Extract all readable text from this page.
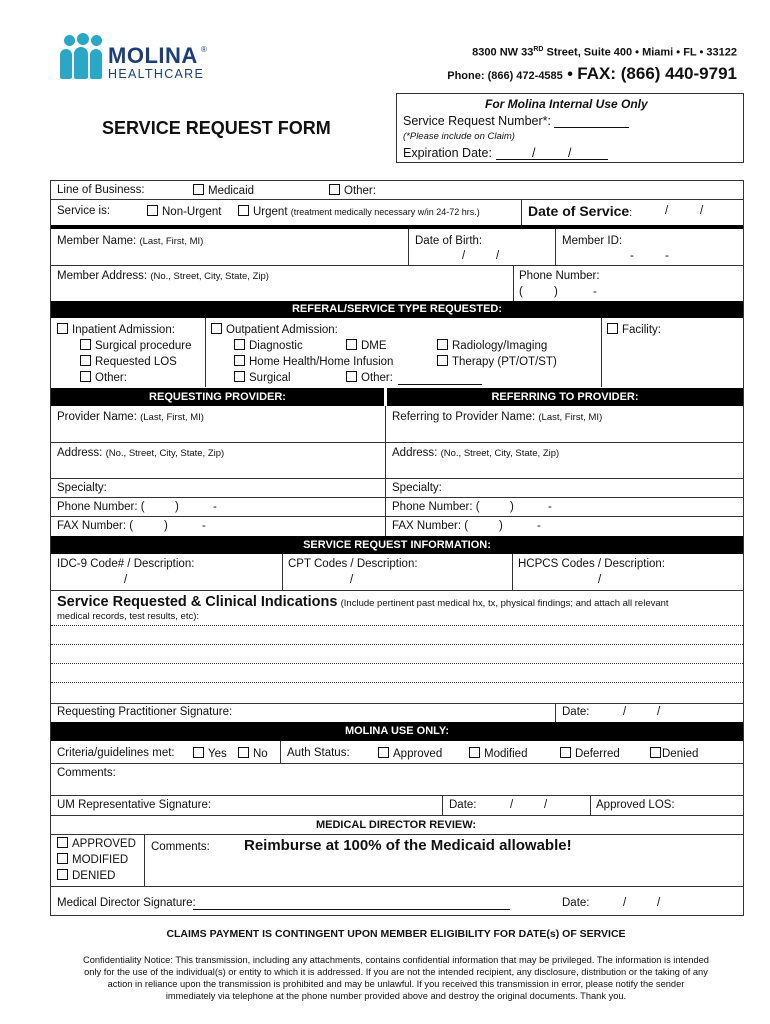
MOLINA ®
HEALTHCARE
8300 NW 33RD Street, Suite 400 • Miami • FL • 33122
Phone: (866) 472-4585 • FAX: (866) 440-9791
SERVICE REQUEST FORM
For Molina Internal Use Only
Service Request Number*:
(*Please include on Claim)
Expiration Date:	/	/
Line of Business:	Medicaid	Other:
Service is:	Non-Urgent	Urgent (treatment medically necessary w/in 24-72 hrs.)	Date of Service:	/	/
Member Name: (Last, First, MI)	Date of Birth:
/	/
Member ID:
-	-
Member Address: (No., Street, City, State, Zip)	Phone Number:
(	)	-
REFERAL/SERVICE TYPE REQUESTED:
Inpatient Admission:
Surgical procedure
Requested LOS
Other:
Outpatient Admission:
Diagnostic	DME	Radiology/Imaging
Home Health/Home Infusion	Therapy (PT/OT/ST)
Surgical	Other:
Facility:
REQUESTING PROVIDER:	REFERRING TO PROVIDER:
Provider Name: (Last, First, MI)	Referring to Provider Name: (Last, First, MI)
Address: (No., Street, City, State, Zip)	Address: (No., Street, City, State, Zip)
Specialty:	Specialty:
Phone Number: (	)	-	Phone Number: (	)	-
FAX Number: (	)	-	FAX Number: (	)	-
SERVICE REQUEST INFORMATION:
IDC-9 Code# / Description:
/
CPT Codes / Description:
/
HCPCS Codes / Description:
/
Service Requested & Clinical Indications (Include pertinent past medical hx, tx, physical findings; and attach all relevant
medical records, test results, etc):
Requesting Practitioner Signature:	Date:	/	/
MOLINA USE ONLY:
Criteria/guidelines met:	Yes	No Auth Status:	Approved	Modified	Deferred	Denied
Comments:
UM Representative Signature:	Date:	/	/	Approved LOS:
MEDICAL DIRECTOR REVIEW:
APPROVED
MODIFIED
DENIED
Comments: Reimburse at 100% of the Medicaid allowable!
Medical Director Signature:	Date:	/	/
CLAIMS PAYMENT IS CONTINGENT UPON MEMBER ELIGIBILITY FOR DATE(s) OF SERVICE
Confidentiality Notice: This transmission, including any attachments, contains confidential information that may be privileged. The information is intended
only for the use of the individual(s) or entity to which it is addressed. If you are not the intended recipient, any disclosure, distribution or the taking of any
action in reliance upon the transmission is prohibited and may be unlawful. If you received this transmission in error, please notify the sender
immediately via telephone at the phone number provided above and destroy the original documents. Thank you.
